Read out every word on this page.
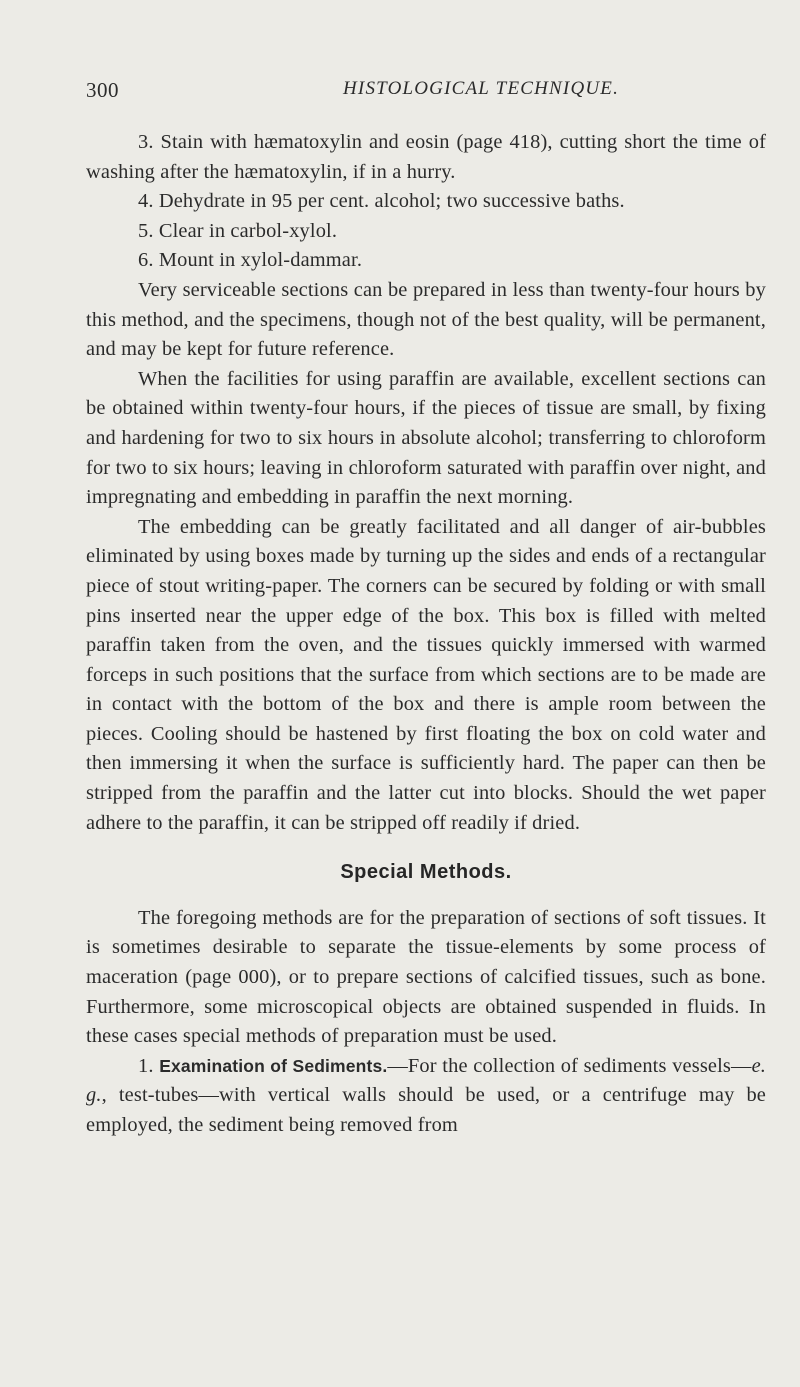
300	HISTOLOGICAL TECHNIQUE.

3. Stain with hæmatoxylin and eosin (page 418), cutting short the time of washing after the hæmatoxylin, if in a hurry.

4. Dehydrate in 95 per cent. alcohol; two successive baths.

5. Clear in carbol-xylol.

6. Mount in xylol-dammar.

Very serviceable sections can be prepared in less than twenty-four hours by this method, and the specimens, though not of the best quality, will be permanent, and may be kept for future reference.

When the facilities for using paraffin are available, excellent sections can be obtained within twenty-four hours, if the pieces of tissue are small, by fixing and hardening for two to six hours in absolute alcohol; transferring to chloroform for two to six hours; leaving in chloroform saturated with paraffin over night, and impregnating and embedding in paraffin the next morning.

The embedding can be greatly facilitated and all danger of air-bubbles eliminated by using boxes made by turning up the sides and ends of a rectangular piece of stout writing-paper. The corners can be secured by folding or with small pins inserted near the upper edge of the box. This box is filled with melted paraffin taken from the oven, and the tissues quickly immersed with warmed forceps in such positions that the surface from which sections are to be made are in contact with the bottom of the box and there is ample room between the pieces. Cooling should be hastened by first floating the box on cold water and then immersing it when the surface is sufficiently hard. The paper can then be stripped from the paraffin and the latter cut into blocks. Should the wet paper adhere to the paraffin, it can be stripped off readily if dried.

Special Methods.

The foregoing methods are for the preparation of sections of soft tissues. It is sometimes desirable to separate the tissue-elements by some process of maceration (page 000), or to prepare sections of calcified tissues, such as bone. Furthermore, some microscopical objects are obtained suspended in fluids. In these cases special methods of preparation must be used.

1. Examination of Sediments.—For the collection of sediments vessels—e. g., test-tubes—with vertical walls should be used, or a centrifuge may be employed, the sediment being removed from
